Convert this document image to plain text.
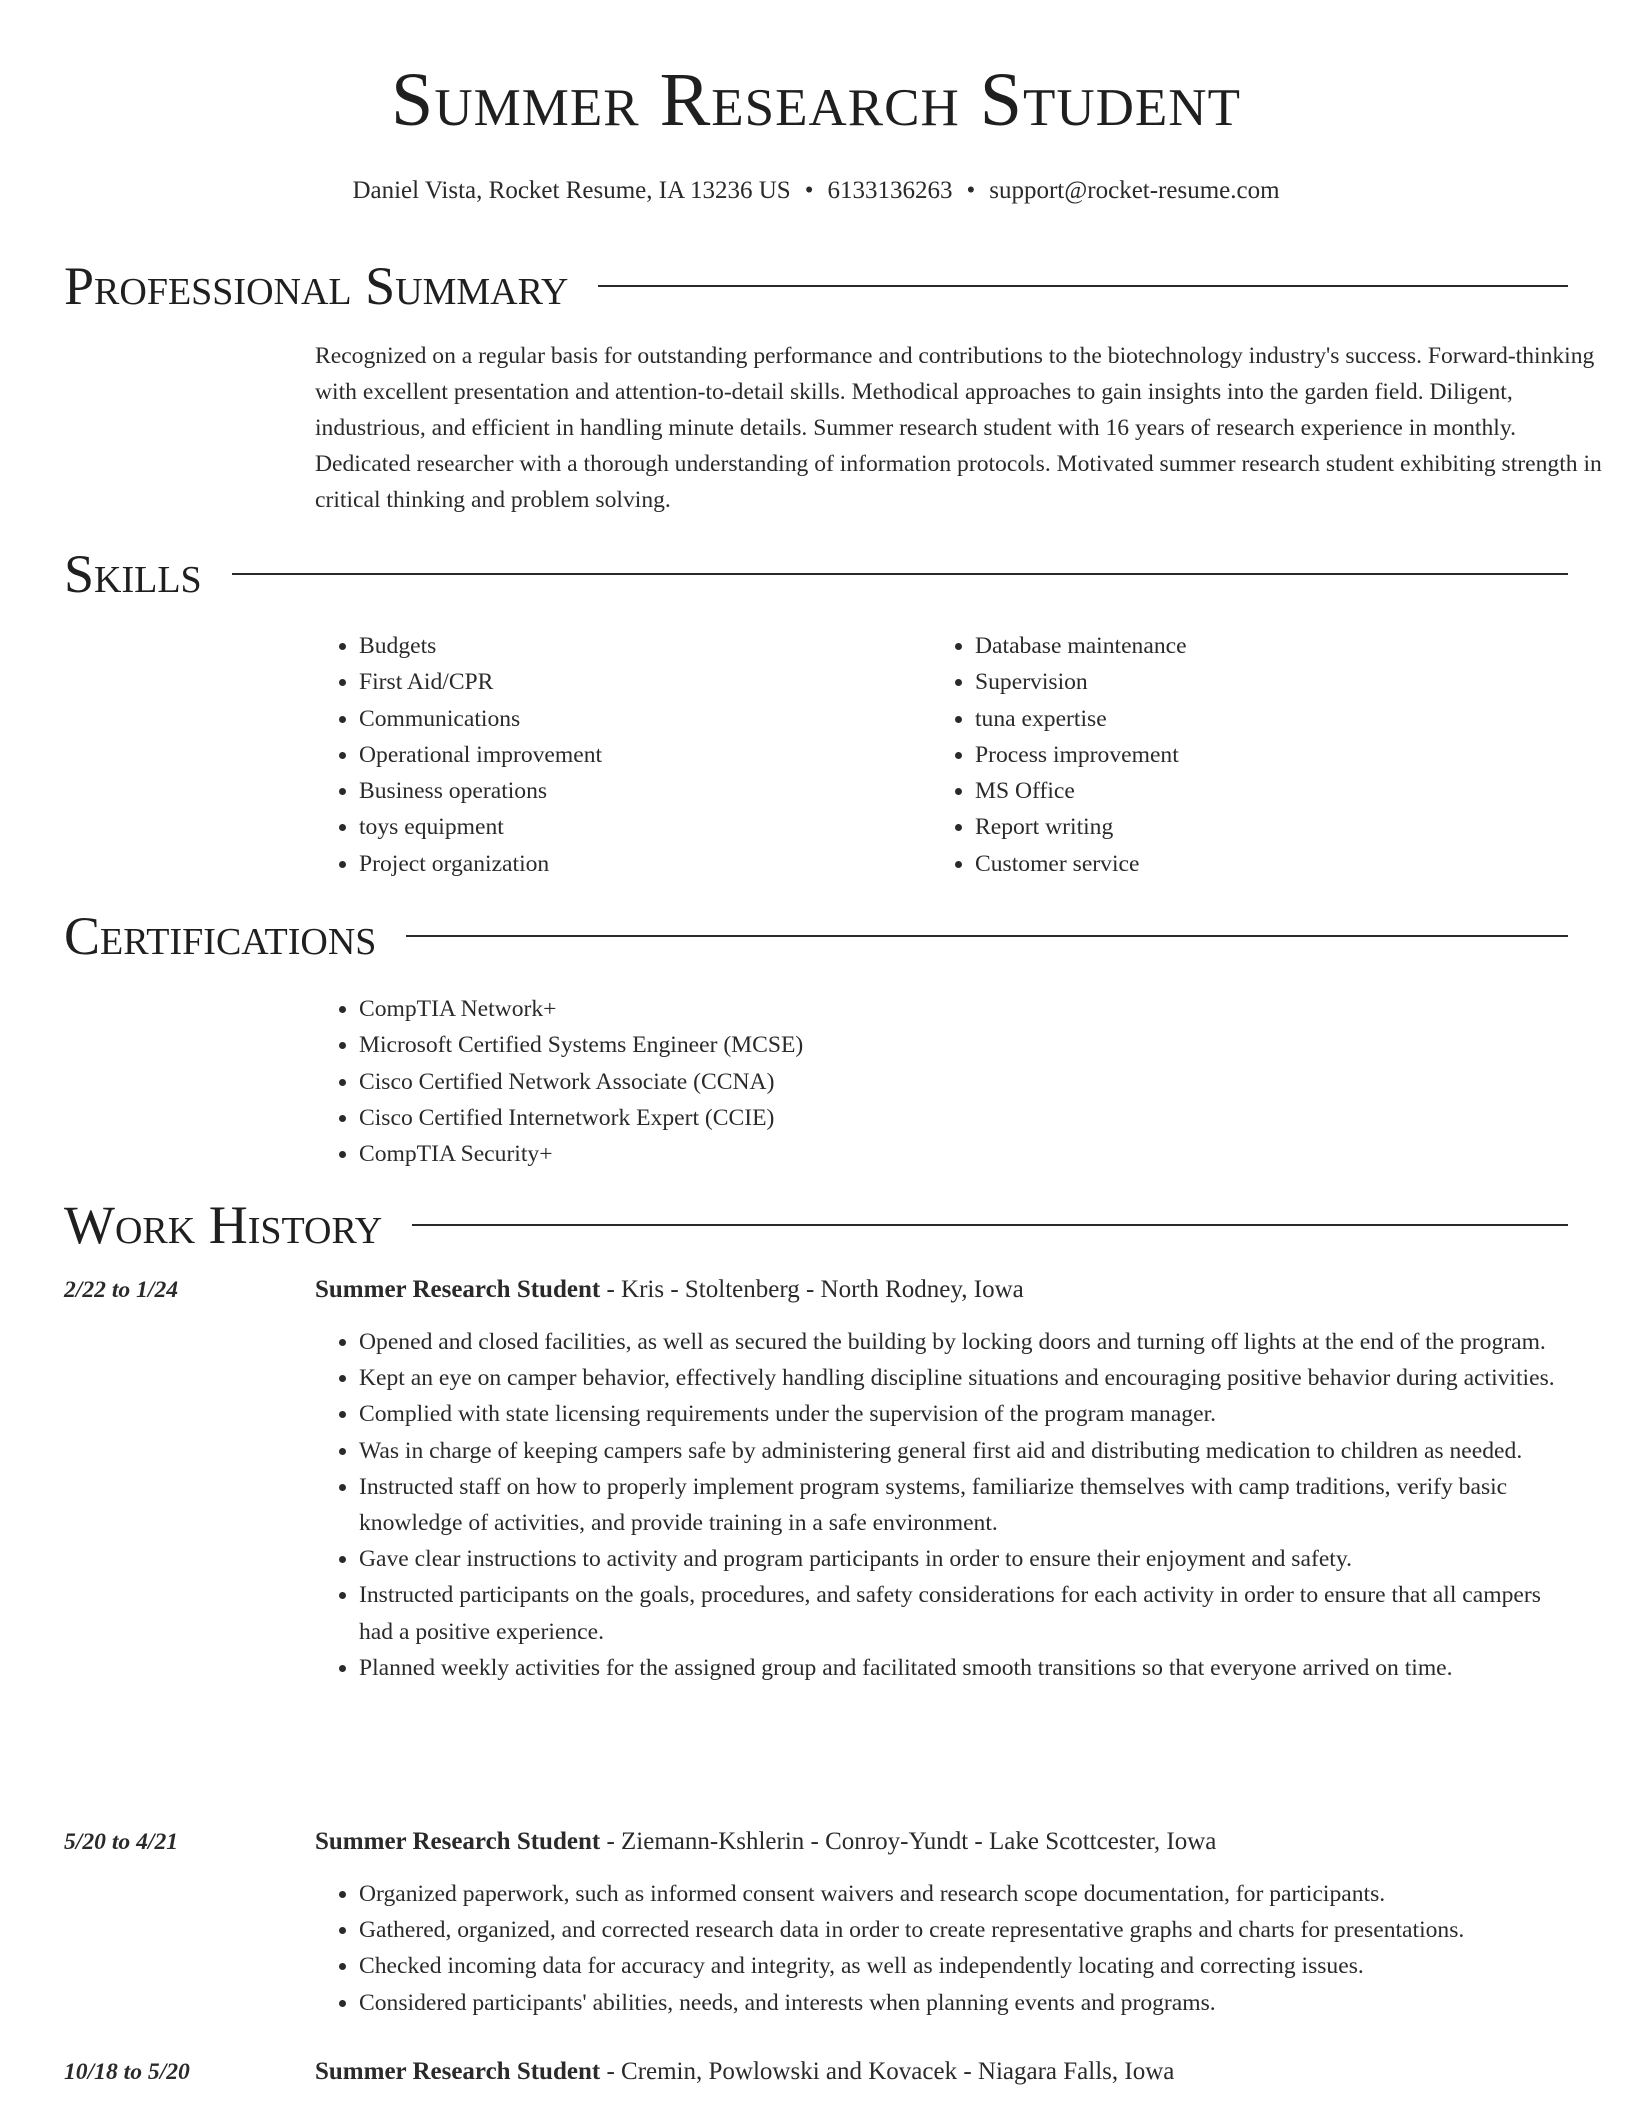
Summer Research Student
Daniel Vista, Rocket Resume, IA 13236 US • 6133136263 • support@rocket-resume.com
Professional Summary
Recognized on a regular basis for outstanding performance and contributions to the biotechnology industry's success. Forward-thinking with excellent presentation and attention-to-detail skills. Methodical approaches to gain insights into the garden field. Diligent, industrious, and efficient in handling minute details. Summer research student with 16 years of research experience in monthly. Dedicated researcher with a thorough understanding of information protocols. Motivated summer research student exhibiting strength in critical thinking and problem solving.
Skills
• Budgets
• First Aid/CPR
• Communications
• Operational improvement
• Business operations
• toys equipment
• Project organization
• Database maintenance
• Supervision
• tuna expertise
• Process improvement
• MS Office
• Report writing
• Customer service
Certifications
• CompTIA Network+
• Microsoft Certified Systems Engineer (MCSE)
• Cisco Certified Network Associate (CCNA)
• Cisco Certified Internetwork Expert (CCIE)
• CompTIA Security+
Work History
2/22 to 1/24	Summer Research Student - Kris - Stoltenberg - North Rodney, Iowa
• Opened and closed facilities, as well as secured the building by locking doors and turning off lights at the end of the program.
• Kept an eye on camper behavior, effectively handling discipline situations and encouraging positive behavior during activities.
• Complied with state licensing requirements under the supervision of the program manager.
• Was in charge of keeping campers safe by administering general first aid and distributing medication to children as needed.
• Instructed staff on how to properly implement program systems, familiarize themselves with camp traditions, verify basic knowledge of activities, and provide training in a safe environment.
• Gave clear instructions to activity and program participants in order to ensure their enjoyment and safety.
• Instructed participants on the goals, procedures, and safety considerations for each activity in order to ensure that all campers had a positive experience.
• Planned weekly activities for the assigned group and facilitated smooth transitions so that everyone arrived on time.
5/20 to 4/21	Summer Research Student - Ziemann-Kshlerin - Conroy-Yundt - Lake Scottcester, Iowa
• Organized paperwork, such as informed consent waivers and research scope documentation, for participants.
• Gathered, organized, and corrected research data in order to create representative graphs and charts for presentations.
• Checked incoming data for accuracy and integrity, as well as independently locating and correcting issues.
• Considered participants' abilities, needs, and interests when planning events and programs.
10/18 to 5/20	Summer Research Student - Cremin, Powlowski and Kovacek - Niagara Falls, Iowa
